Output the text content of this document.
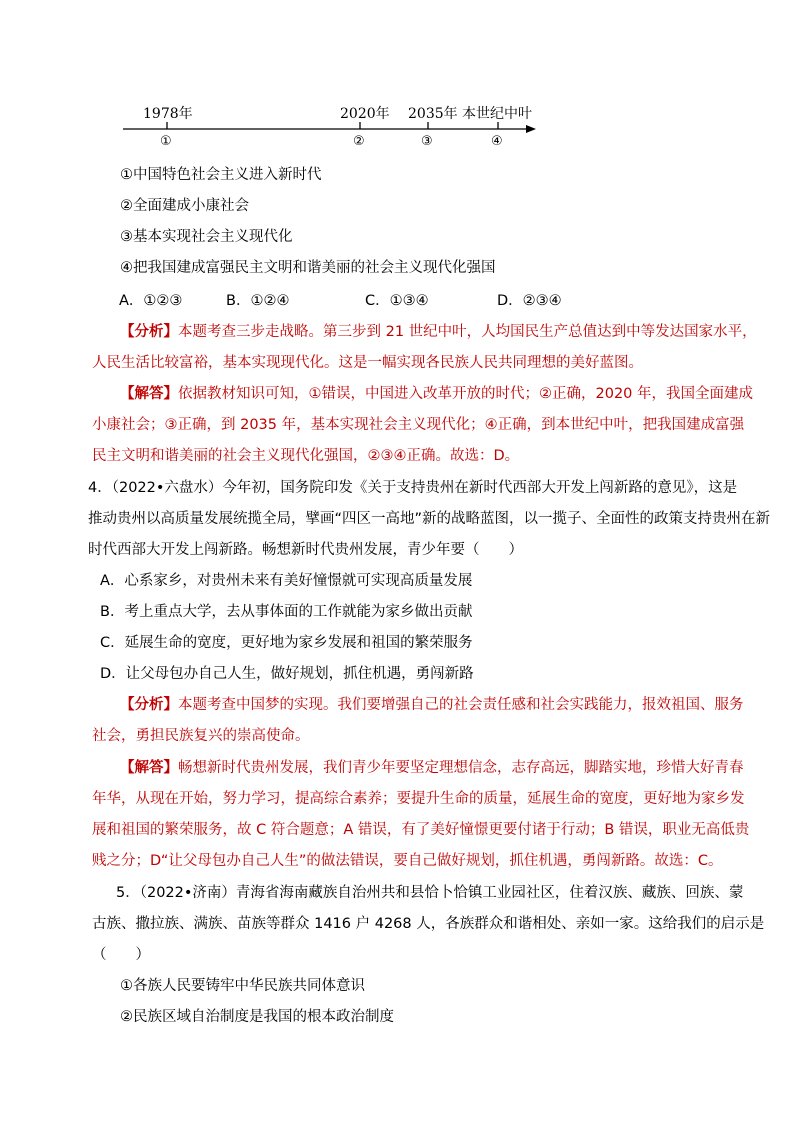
1978年	2020年 2035年 本世纪中叶
①	②	③	④
①中国特色社会主义进入新时代
②全面建成小康社会
③基本实现社会主义现代化
④把我国建成富强民主文明和谐美丽的社会主义现代化强国
A．①②③	B．①②④	C．①③④	D．②③④
【分析】本题考查三步走战略。第三步到 21 世纪中叶，人均国民生产总值达到中等发达国家水平，
人民生活比较富裕，基本实现现代化。这是一幅实现各民族人民共同理想的美好蓝图。
【解答】依据教材知识可知，①错误，中国进入改革开放的时代；②正确，2020 年，我国全面建成
小康社会；③正确，到 2035 年，基本实现社会主义现代化；④正确，到本世纪中叶，把我国建成富强
民主文明和谐美丽的社会主义现代化强国，②③④正确。故选：D。
4．（2022•六盘水）今年初，国务院印发《关于支持贵州在新时代西部大开发上闯新路的意见》，这是
推动贵州以高质量发展统揽全局，擘画“四区一高地”新的战略蓝图，以一揽子、全面性的政策支持贵州在新
时代西部大开发上闯新路。畅想新时代贵州发展，青少年要（　　）
A．心系家乡，对贵州未来有美好憧憬就可实现高质量发展
B．考上重点大学，去从事体面的工作就能为家乡做出贡献
C．延展生命的宽度，更好地为家乡发展和祖国的繁荣服务
D．让父母包办自己人生，做好规划，抓住机遇，勇闯新路
【分析】本题考查中国梦的实现。我们要增强自己的社会责任感和社会实践能力，报效祖国、服务
社会，勇担民族复兴的崇高使命。
【解答】畅想新时代贵州发展，我们青少年要坚定理想信念，志存高远，脚踏实地，珍惜大好青春
年华，从现在开始，努力学习，提高综合素养；要提升生命的质量，延展生命的宽度，更好地为家乡发
展和祖国的繁荣服务，故 C 符合题意；A 错误，有了美好憧憬更要付诸于行动；B 错误，职业无高低贵
贱之分；D“让父母包办自己人生”的做法错误，要自己做好规划，抓住机遇，勇闯新路。故选：C。
5．（2022•济南）青海省海南藏族自治州共和县恰卜恰镇工业园社区，住着汉族、藏族、回族、蒙
古族、撒拉族、满族、苗族等群众 1416 户 4268 人，各族群众和谐相处、亲如一家。这给我们的启示是
（　　）
①各族人民要铸牢中华民族共同体意识
②民族区域自治制度是我国的根本政治制度
